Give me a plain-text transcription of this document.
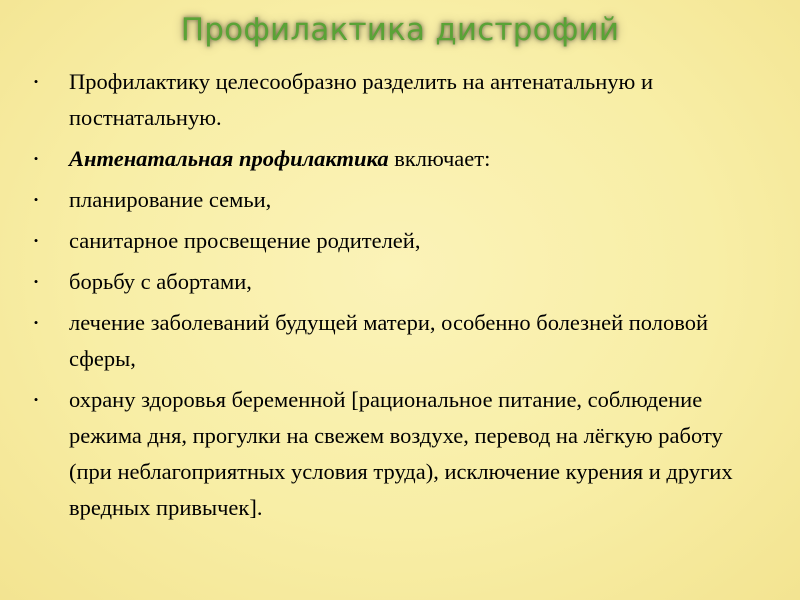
Профилактика дистрофий
• Профилактику целесообразно разделить на антенатальную и постнатальную.
• Антенатальная профилактика включает:
• планирование семьи,
• санитарное просвещение родителей,
• борьбу с абортами,
• лечение заболеваний будущей матери, особенно болезней половой сферы,
• охрану здоровья беременной [рациональное питание, соблюдение режима дня, прогулки на свежем воздухе, перевод на лёгкую работу (при неблагоприятных условия труда), исключение курения и других вредных привычек].
